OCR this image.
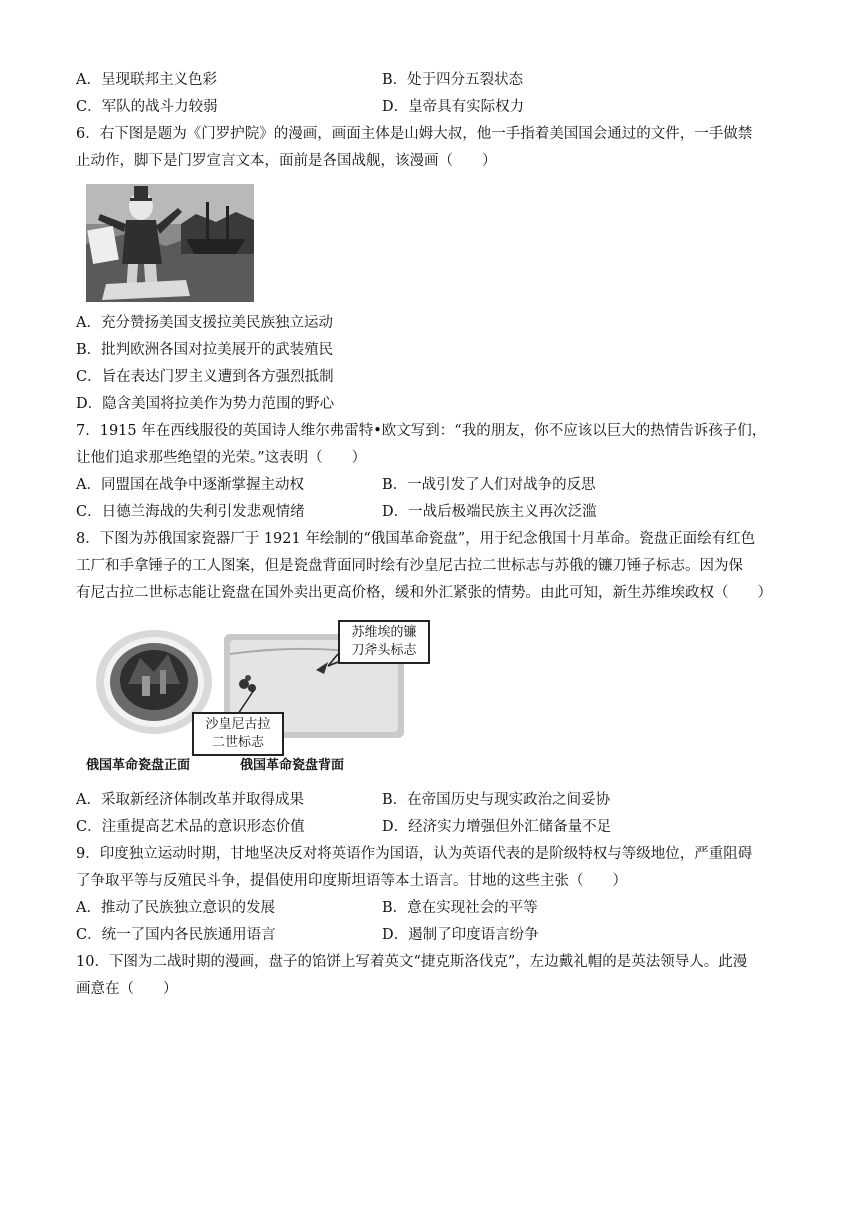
A．呈现联邦主义色彩	B．处于四分五裂状态
C．军队的战斗力较弱	D．皇帝具有实际权力
6．右下图是题为《门罗护院》的漫画，画面主体是山姆大叔，他一手指着美国国会通过的文件，一手做禁
止动作，脚下是门罗宣言文本，面前是各国战舰，该漫画（　　）
A．充分赞扬美国支援拉美民族独立运动
B．批判欧洲各国对拉美展开的武装殖民
C．旨在表达门罗主义遭到各方强烈抵制
D．隐含美国将拉美作为势力范围的野心
7．1915 年在西线服役的英国诗人维尔弗雷特•欧文写到：“我的朋友，你不应该以巨大的热情告诉孩子们，
让他们追求那些绝望的光荣。”这表明（　　）
A．同盟国在战争中逐渐掌握主动权	B．一战引发了人们对战争的反思
C．日德兰海战的失利引发悲观情绪	D．一战后极端民族主义再次泛滥
8．下图为苏俄国家瓷器厂于 1921 年绘制的“俄国革命瓷盘”，用于纪念俄国十月革命。瓷盘正面绘有红色
工厂和手拿锤子的工人图案，但是瓷盘背面同时绘有沙皇尼古拉二世标志与苏俄的镰刀锤子标志。因为保
有尼古拉二世标志能让瓷盘在国外卖出更高价格，缓和外汇紧张的情势。由此可知，新生苏维埃政权（　　）
苏维埃的镰
刀斧头标志
沙皇尼古拉
二世标志
俄国革命瓷盘正面	俄国革命瓷盘背面
A．采取新经济体制改革并取得成果	B．在帝国历史与现实政治之间妥协
C．注重提高艺术品的意识形态价值	D．经济实力增强但外汇储备量不足
9．印度独立运动时期，甘地坚决反对将英语作为国语，认为英语代表的是阶级特权与等级地位，严重阻碍
了争取平等与反殖民斗争，提倡使用印度斯坦语等本土语言。甘地的这些主张（　　）
A．推动了民族独立意识的发展	B．意在实现社会的平等
C．统一了国内各民族通用语言	D．遏制了印度语言纷争
10．下图为二战时期的漫画，盘子的馅饼上写着英文“捷克斯洛伐克”，左边戴礼帽的是英法领导人。此漫
画意在（　　）
